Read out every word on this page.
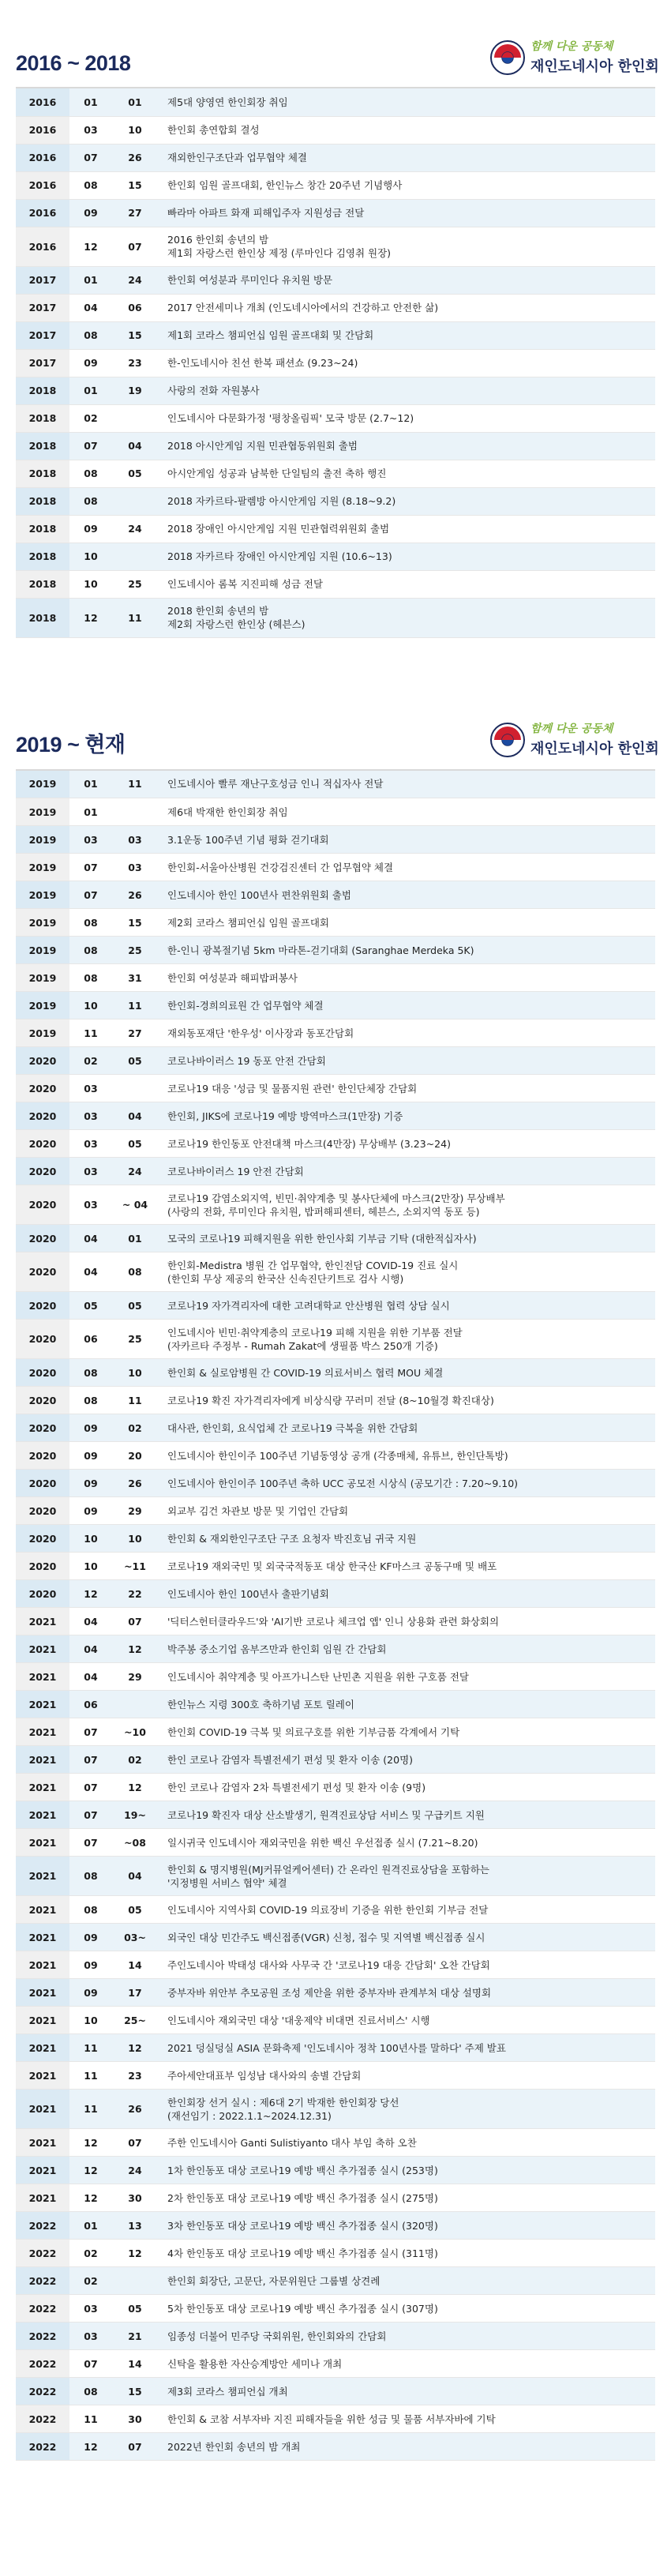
2016 ~ 2018
함께 다운 공동체
재인도네시아 한인회
2016	01	01	제5대 양영연 한인회장 취임
2016	03	10	한인회 총연합회 결성
2016	07	26	재외한인구조단과 업무협약 체결
2016	08	15	한인회 임원 골프대회, 한인뉴스 창간 20주년 기념행사
2016	09	27	빠라마 아파트 화재 피해입주자 지원성금 전달
2016	12	07	2016 한인회 송년의 밤
제1회 자랑스런 한인상 제정 (루마인다 김영취 원장)
2017	01	24	한인회 여성분과 루미인다 유치원 방문
2017	04	06	2017 안전세미나 개최 (인도네시아에서의 건강하고 안전한 삶)
2017	08	15	제1회 코라스 챔피언십 임원 골프대회 및 간담회
2017	09	23	한-인도네시아 친선 한복 패션쇼 (9.23~24)
2018	01	19	사랑의 전화 자원봉사
2018	02		인도네시아 다문화가정 '평창올림픽' 모국 방문 (2.7~12)
2018	07	04	2018 아시안게임 지원 민관협동위원회 출범
2018	08	05	아시안게임 성공과 남북한 단일팀의 출전 축하 행진
2018	08		2018 자카르타-팔렘방 아시안게임 지원 (8.18~9.2)
2018	09	24	2018 장애인 아시안게임 지원 민관협력위원회 출범
2018	10		2018 자카르타 장애인 아시안게임 지원 (10.6~13)
2018	10	25	인도네시아 롬복 지진피해 성금 전달
2018	12	11	2018 한인회 송년의 밤
제2회 자랑스런 한인상 (헤븐스)
2019 ~ 현재
함께 다운 공동체
재인도네시아 한인회
2019	01	11	인도네시아 빨루 재난구호성금 인니 적십자사 전달
2019	01		제6대 박재한 한인회장 취임
2019	03	03	3.1운동 100주년 기념 평화 걷기대회
2019	07	03	한인회-서울아산병원 건강검진센터 간 업무협약 체결
2019	07	26	인도네시아 한인 100년사 편찬위원회 출범
2019	08	15	제2회 코라스 챔피언십 임원 골프대회
2019	08	25	한-인니 광복절기념 5km 마라톤-걷기대회 (Saranghae Merdeka 5K)
2019	08	31	한인회 여성분과 해피밥퍼봉사
2019	10	11	한인회-경희의료원 간 업무협약 체결
2019	11	27	재외동포재단 '한우성' 이사장과 동포간담회
2020	02	05	코로나바이러스 19 동포 안전 간담회
2020	03		코로나19 대응 '성금 및 물품지원 관련' 한인단체장 간담회
2020	03	04	한인회, JIKS에 코로나19 예방 방역마스크(1만장) 기증
2020	03	05	코로나19 한인동포 안전대책 마스크(4만장) 무상배부 (3.23~24)
2020	03	24	코로나바이러스 19 안전 간담회
2020	03	~ 04	코로나19 감염소외지역, 빈민·취약계층 및 봉사단체에 마스크(2만장) 무상배부
(사랑의 전화, 루미인다 유치원, 밥퍼해피센터, 헤븐스, 소외지역 동포 등)
2020	04	01	모국의 코로나19 피해지원을 위한 한인사회 기부금 기탁 (대한적십자사)
2020	04	08	한인회-Medistra 병원 간 업무협약, 한인전담 COVID-19 진료 실시
(한인회 무상 제공의 한국산 신속진단키트로 검사 시행)
2020	05	05	코로나19 자가격리자에 대한 고려대학교 안산병원 협력 상담 실시
2020	06	25	인도네시아 빈민·취약계층의 코로나19 피해 지원을 위한 기부품 전달
(자카르타 주정부 - Rumah Zakat에 생필품 박스 250개 기증)
2020	08	10	한인회 & 실로암병원 간 COVID-19 의료서비스 협력 MOU 체결
2020	08	11	코로나19 확진 자가격리자에게 비상식량 꾸러미 전달 (8~10월경 확진대상)
2020	09	02	대사관, 한인회, 요식업체 간 코로나19 극복을 위한 간담회
2020	09	20	인도네시아 한인이주 100주년 기념동영상 공개 (각종매체, 유튜브, 한인단톡방)
2020	09	26	인도네시아 한인이주 100주년 축하 UCC 공모전 시상식 (공모기간 : 7.20~9.10)
2020	09	29	외교부 김건 차관보 방문 및 기업인 간담회
2020	10	10	한인회 & 재외한인구조단 구조 요청자 박진호님 귀국 지원
2020	10	~11	코로나19 재외국민 및 외국국적동포 대상 한국산 KF마스크 공동구매 및 배포
2020	12	22	인도네시아 한인 100년사 출판기념회
2021	04	07	'딕터스헌터클라우드'와 'AI기반 코로나 체크업 앱' 인니 상용화 관련 화상회의
2021	04	12	박주봉 중소기업 옴부즈만과 한인회 임원 간 간담회
2021	04	29	인도네시아 취약계층 및 아프가니스탄 난민촌 지원을 위한 구호품 전달
2021	06		한인뉴스 지령 300호 축하기념 포토 릴레이
2021	07	~10	한인회 COVID-19 극복 및 의료구호를 위한 기부금품 각계에서 기탁
2021	07	02	한인 코로나 감염자 특별전세기 편성 및 환자 이송 (20명)
2021	07	12	한인 코로나 감염자 2차 특별전세기 편성 및 환자 이송 (9명)
2021	07	19~	코로나19 확진자 대상 산소발생기, 원격진료상담 서비스 및 구급키트 지원
2021	07	~08	일시귀국 인도네시아 재외국민을 위한 백신 우선접종 실시 (7.21~8.20)
2021	08	04	한인회 & 명지병원(MJ커뮤얼케어센터) 간 온라인 원격진료상담을 포함하는
'지정병원 서비스 협약' 체결
2021	08	05	인도네시아 지역사회 COVID-19 의료장비 기증을 위한 한인회 기부금 전달
2021	09	03~	외국인 대상 민간주도 백신접종(VGR) 신청, 접수 및 지역별 백신접종 실시
2021	09	14	주인도네시아 박태성 대사와 사무국 간 '코로나19 대응 간담회' 오찬 간담회
2021	09	17	중부자바 위안부 추모공원 조성 제안을 위한 중부자바 관계부처 대상 설명회
2021	10	25~	인도네시아 재외국민 대상 '대웅제약 비대면 진료서비스' 시행
2021	11	12	2021 덩실덩실 ASIA 문화축제 '인도네시아 정착 100년사를 말하다' 주제 발표
2021	11	23	주아세안대표부 임성남 대사와의 송별 간담회
2021	11	26	한인회장 선거 실시 : 제6대 2기 박재한 한인회장 당선
(재선임기 : 2022.1.1~2024.12.31)
2021	12	07	주한 인도네시아 Ganti Sulistiyanto 대사 부임 축하 오찬
2021	12	24	1차 한인동포 대상 코로나19 예방 백신 추가접종 실시 (253명)
2021	12	30	2차 한인동포 대상 코로나19 예방 백신 추가접종 실시 (275명)
2022	01	13	3차 한인동포 대상 코로나19 예방 백신 추가접종 실시 (320명)
2022	02	12	4차 한인동포 대상 코로나19 예방 백신 추가접종 실시 (311명)
2022	02		한인회 회장단, 고문단, 자문위원단 그룹별 상견례
2022	03	05	5차 한인동포 대상 코로나19 예방 백신 추가접종 실시 (307명)
2022	03	21	임종성 더불어 민주당 국회위원, 한인회와의 간담회
2022	07	14	신탁을 활용한 자산승계방안 세미나 개최
2022	08	15	제3회 코라스 챔피언십 개최
2022	11	30	한인회 & 코참 서부자바 지진 피해자들을 위한 성금 및 물품 서부자바에 기탁
2022	12	07	2022년 한인회 송년의 밤 개최
